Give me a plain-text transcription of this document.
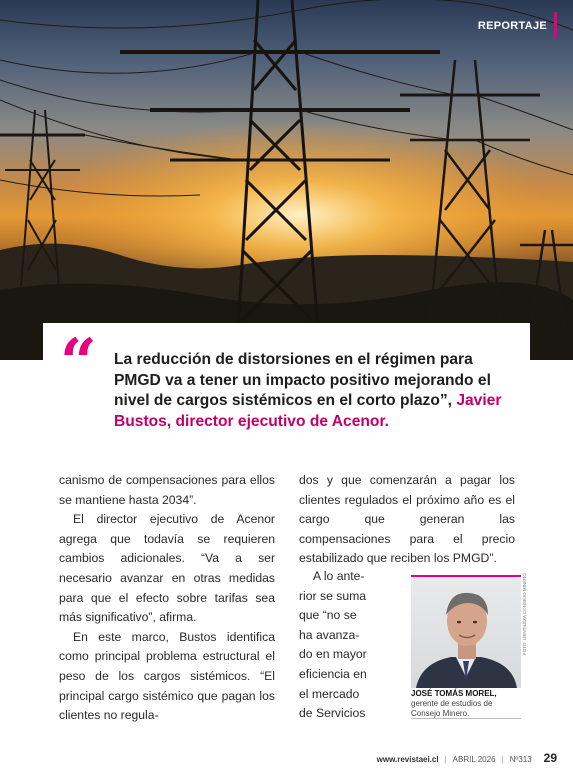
REPORTAJE
“ La reducción de distorsiones en el régimen para PMGD va a tener un impacto positivo mejorando el nivel de cargos sistémicos en el corto plazo”, Javier Bustos, director ejecutivo de Acenor.

canismo de compensaciones para ellos se mantiene hasta 2034”.

El director ejecutivo de Acenor agrega que todavía se requieren cambios adicionales. “Va a ser necesario avanzar en otras medidas para que el efecto sobre tarifas sea más significativo”, afirma.

En este marco, Bustos identifica como principal problema estructural el peso de los cargos sistémicos. “El principal cargo sistémico que pagan los clientes no regula-

dos y que comenzarán a pagar los clientes regulados el próximo año es el cargo que generan las compensaciones para el precio estabilizado que reciben los PMGD”.

A lo ante-
rior se suma
que “no se
ha avanza-
do en mayor
eficiencia en
el mercado
de Servicios
FOTO: GENTILEZA CONSEJO MINERO
JOSÉ TOMÁS MOREL,
gerente de estudios de Consejo Minero.
www.revistaei.cl | ABRIL 2026 | Nº313 29
